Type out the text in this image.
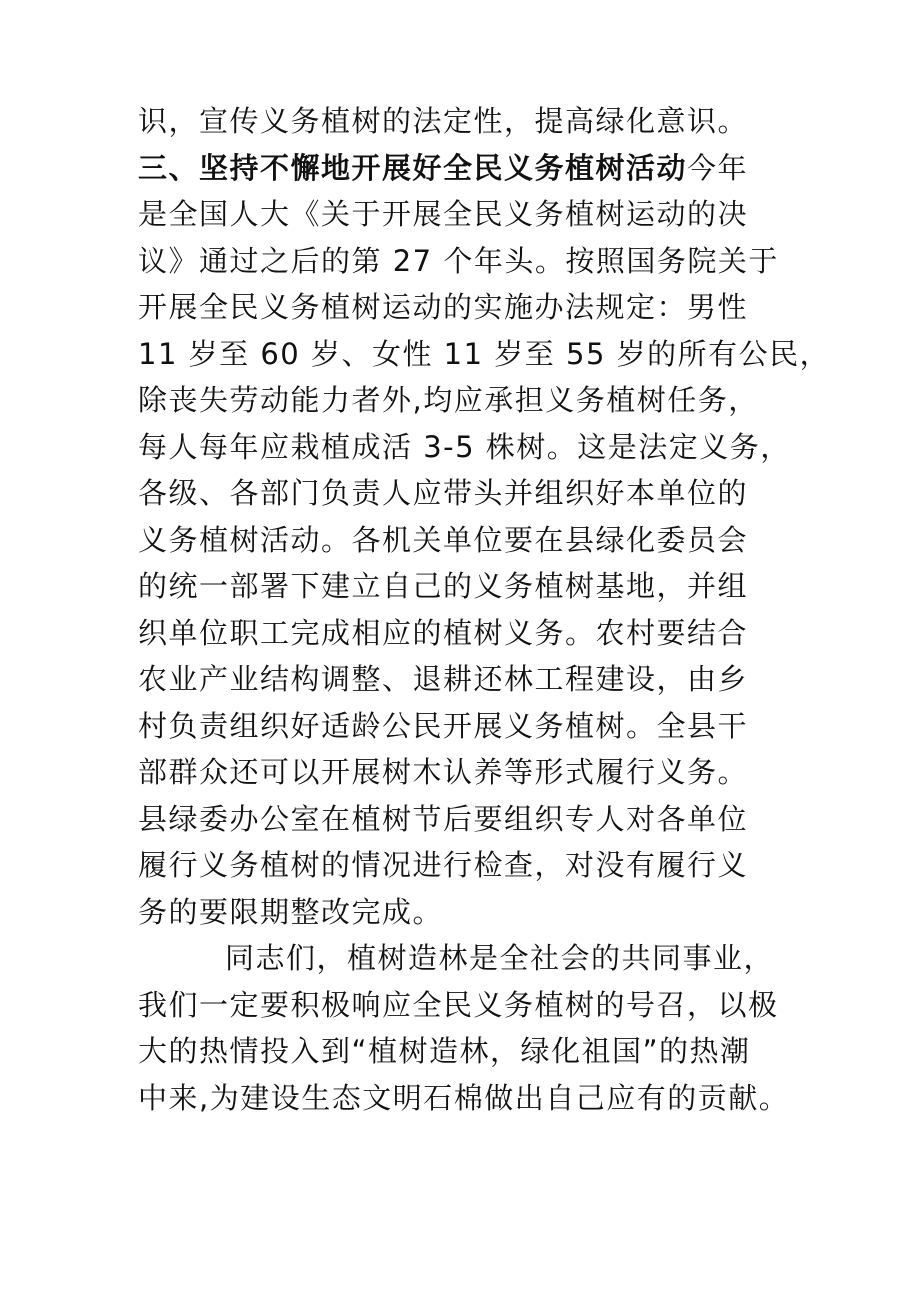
识，宣传义务植树的法定性，提高绿化意识。
三、坚持不懈地开展好全民义务植树活动今年
是全国人大《关于开展全民义务植树运动的决
议》通过之后的第 27 个年头。按照国务院关于
开展全民义务植树运动的实施办法规定：男性
11 岁至 60 岁、女性 11 岁至 55 岁的所有公民，
除丧失劳动能力者外,均应承担义务植树任务，
每人每年应栽植成活 3-5 株树。这是法定义务，
各级、各部门负责人应带头并组织好本单位的
义务植树活动。各机关单位要在县绿化委员会
的统一部署下建立自己的义务植树基地，并组
织单位职工完成相应的植树义务。农村要结合
农业产业结构调整、退耕还林工程建设，由乡
村负责组织好适龄公民开展义务植树。全县干
部群众还可以开展树木认养等形式履行义务。
县绿委办公室在植树节后要组织专人对各单位
履行义务植树的情况进行检查，对没有履行义
务的要限期整改完成。
同志们，植树造林是全社会的共同事业，
我们一定要积极响应全民义务植树的号召，以极
大的热情投入到“植树造林，绿化祖国”的热潮
中来,为建设生态文明石棉做出自己应有的贡献。
